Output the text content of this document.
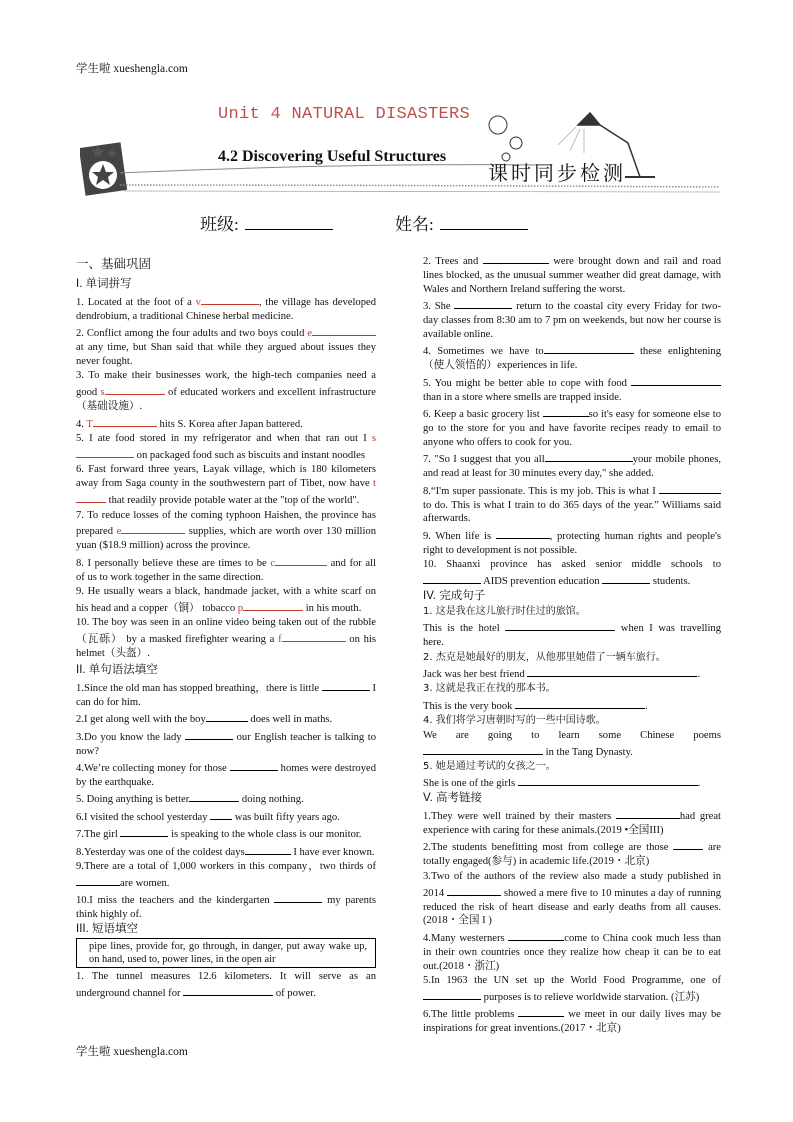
学生啦 xueshengla.com
Unit 4 NATURAL DISASTERS
4.2 Discovering Useful Structures
课时同步检测
班级:	姓名:

一、基础巩固

I. 单词拼写

1. Located at the foot of a v	, the village has developed dendrobium, a traditional Chinese herbal medicine.

2. Conflict among the four adults and two boys could e at any time, but Shan said that while they argued about issues they never fought.

3. To make their businesses work, the high-tech companies need a good s	of educated workers and excellent infrastructure（基础设施）.

4. T	hits S. Korea after Japan battered.

5. I ate food stored in my refrigerator and when that ran out I s on packaged food such as biscuits and instant noodles

6. Fast forward three years, Layak village, which is 180 kilometers away from Saga county in the southwestern part of Tibet, now have t that readily provide potable water at the "top of the world".

7. To reduce losses of the coming typhoon Haishen, the province has prepared e	supplies, which are worth over 130 million yuan ($18.9 million) across the province.

8. I personally believe these are times to be c	and for all of us to work together in the same direction.

9. He usually wears a black, handmade jacket, with a white scarf on his head and a copper（铜） tobacco p	in his mouth.

10. The boy was seen in an online video being taken out of the rubble（瓦砾） by a masked firefighter wearing a f	on his helmet（头盔）.

II. 单句语法填空

1.Since the old man has stopped breathing，there is little	I can do for him.

2.I get along well with the boy	does well in maths.

3.Do you know the lady	our English teacher is talking to now?

4.We’re collecting money for those	homes were destroyed by the earthquake.

5. Doing anything is better	doing nothing.

6.I visited the school yesterday  was built fifty years ago.

7.The girl	is speaking to the whole class is our monitor.

8.Yesterday was one of the coldest days	I have ever known.

9.There are a total of 1,000 workers in this company，two thirds of are women.

10.I miss the teachers and the kindergarten	my parents think highly of.

III. 短语填空

pipe lines, provide for, go through, in danger, put away wake up, on hand, used to, power lines, in the open air

1. The tunnel measures 12.6 kilometers. It will serve as an underground channel for	of power.

2. Trees and	were brought down and rail and road lines blocked, as the unusual summer weather did great damage, with Wales and Northern Ireland suffering the worst.

3. She	return to the coastal city every Friday for two-day classes from 8:30 am to 7 pm on weekends, but now her course is available online.

4. Sometimes we have to	these enlightening （使人领悟的）experiences in life.

5. You might be better able to cope with food than in a store where smells are trapped inside.

6. Keep a basic grocery list	so it's easy for someone else to go to the store for you and have favorite recipes ready to email to anyone who offers to cook for you.

7. "So I suggest that you all	your mobile phones, and read at least for 30 minutes every day," she added.

8.“I'm super passionate. This is my job. This is what I  to do. This is what I train to do 365 days of the year.” Williams said afterwards.

9. When life is	, protecting human rights and people's right to development is not possible.

10. Shaanxi province has asked senior middle schools to  AIDS prevention education	students.

IV. 完成句子

1. 这是我在这儿旅行时住过的旅馆。

This is the hotel	when I was travelling here.

2. 杰克是她最好的朋友，从他那里她借了一辆车旅行。

Jack was her best friend	.

3. 这就是我正在找的那本书。

This is the very book	.

4. 我们将学习唐朝时写的一些中国诗歌。

We are going to learn some Chinese poems  in the Tang Dynasty.

5. 她是通过考试的女孩之一。

She is one of the girls	.

V. 高考链接

1.They were well trained by their masters	had great experience with caring for these animals.(2019 •全国III)

2.The students benefitting most from college are those	are totally engaged(参与) in academic life.(2019・北京)

3.Two of the authors of the review also made a study published in 2014	showed a mere five to 10 minutes a day of running reduced the risk of heart disease and early deaths from all causes.(2018・全国 I )

4.Many westerners	come to China cook much less than in their own countries once they realize how cheap it can be to eat out.(2018・浙江)

5.In 1963 the UN set up the World Food Programme, one of  purposes is to relieve worldwide starvation. (江苏)

6.The little problems	we meet in our daily lives may be inspirations for great inventions.(2017・北京)

学生啦 xueshengla.com
